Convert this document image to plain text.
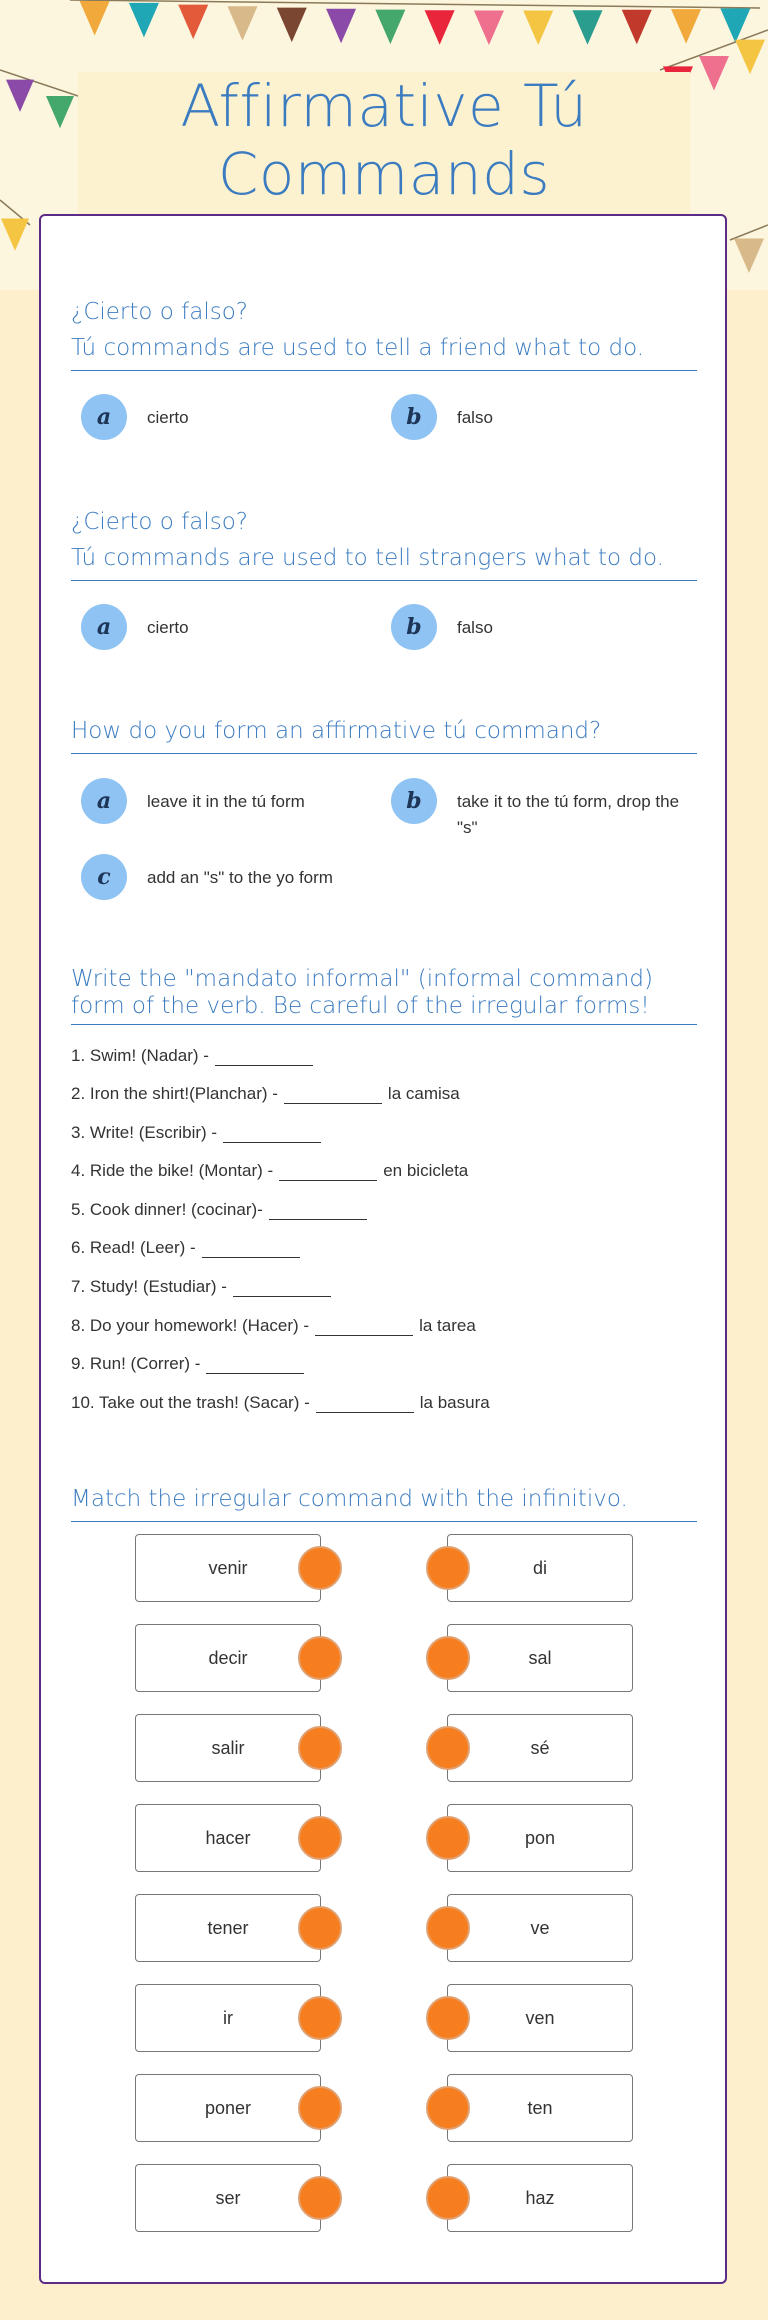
Affirmative Tú Commands
¿Cierto o falso?
Tú commands are used to tell a friend what to do.
a	cierto	b	falso
¿Cierto o falso?
Tú commands are used to tell strangers what to do.
a	cierto	b	falso
How do you form an affirmative tú command?
a	leave it in the tú form	b	take it to the tú form, drop the "s"
c	add an "s" to the yo form
Write the "mandato informal" (informal command)
form of the verb. Be careful of the irregular forms!
1. Swim! (Nadar) -
2. Iron the shirt!(Planchar) -	la camisa
3. Write! (Escribir) -
4. Ride the bike! (Montar) -	en bicicleta
5. Cook dinner! (cocinar)-
6. Read! (Leer) -
7. Study! (Estudiar) -
8. Do your homework! (Hacer) -	la tarea
9. Run! (Correr) -
10. Take out the trash! (Sacar) -	la basura
Match the irregular command with the infinitivo.
venir	di
decir	sal
salir	sé
hacer	pon
tener	ve
ir	ven
poner	ten
ser	haz
